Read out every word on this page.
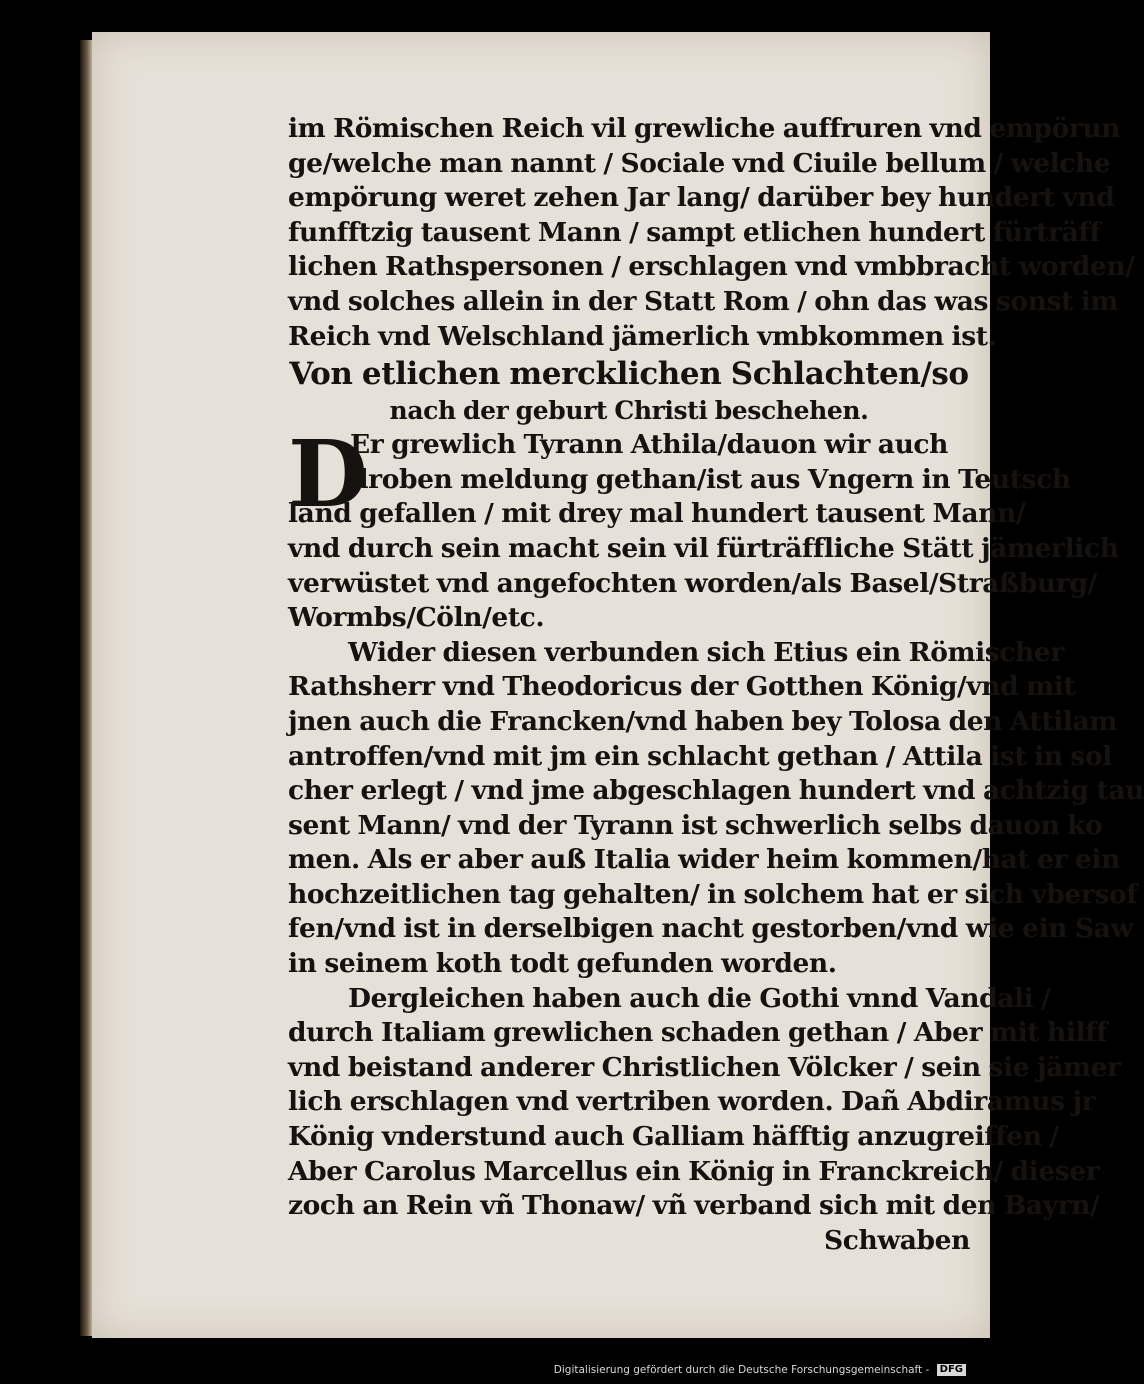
D
im Römischen Reich vil grewliche auffruren vnd empörun
ge/welche man nannt / Sociale vnd Ciuile bellum / welche
empörung weret zehen Jar lang/ darüber bey hundert vnd
funfftzig tausent Mann / sampt etlichen hundert fürträff
lichen Rathspersonen / erschlagen vnd vmbbracht worden/
vnd solches allein in der Statt Rom / ohn das was sonst im
Reich vnd Welschland jämerlich vmbkommen ist.
Von etlichen mercklichen Schlachten/so
nach der geburt Christi beschehen.
Er grewlich Tyrann Athila/dauon wir auch
droben meldung gethan/ist aus Vngern in Teutsch
land gefallen / mit drey mal hundert tausent Mann/
vnd durch sein macht sein vil fürträffliche Stätt jämerlich
verwüstet vnd angefochten worden/als Basel/Straßburg/
Wormbs/Cöln/etc.
Wider diesen verbunden sich Etius ein Römischer
Rathsherr vnd Theodoricus der Gotthen König/vnd mit
jnen auch die Francken/vnd haben bey Tolosa den Attilam
antroffen/vnd mit jm ein schlacht gethan / Attila ist in sol
cher erlegt / vnd jme abgeschlagen hundert vnd achtzig tau
sent Mann/ vnd der Tyrann ist schwerlich selbs dauon ko
men. Als er aber auß Italia wider heim kommen/hat er ein
hochzeitlichen tag gehalten/ in solchem hat er sich vbersof
fen/vnd ist in derselbigen nacht gestorben/vnd wie ein Saw
in seinem koth todt gefunden worden.
Dergleichen haben auch die Gothi vnnd Vandali /
durch Italiam grewlichen schaden gethan / Aber mit hilff
vnd beistand anderer Christlichen Völcker / sein sie jämer
lich erschlagen vnd vertriben worden. Dañ Abdiramus jr
König vnderstund auch Galliam häfftig anzugreiffen /
Aber Carolus Marcellus ein König in Franckreich/ dieser
zoch an Rein vñ Thonaw/ vñ verband sich mit den Bayrn/
Schwaben
Digitalisierung gefördert durch die Deutsche Forschungsgemeinschaft - DFG
